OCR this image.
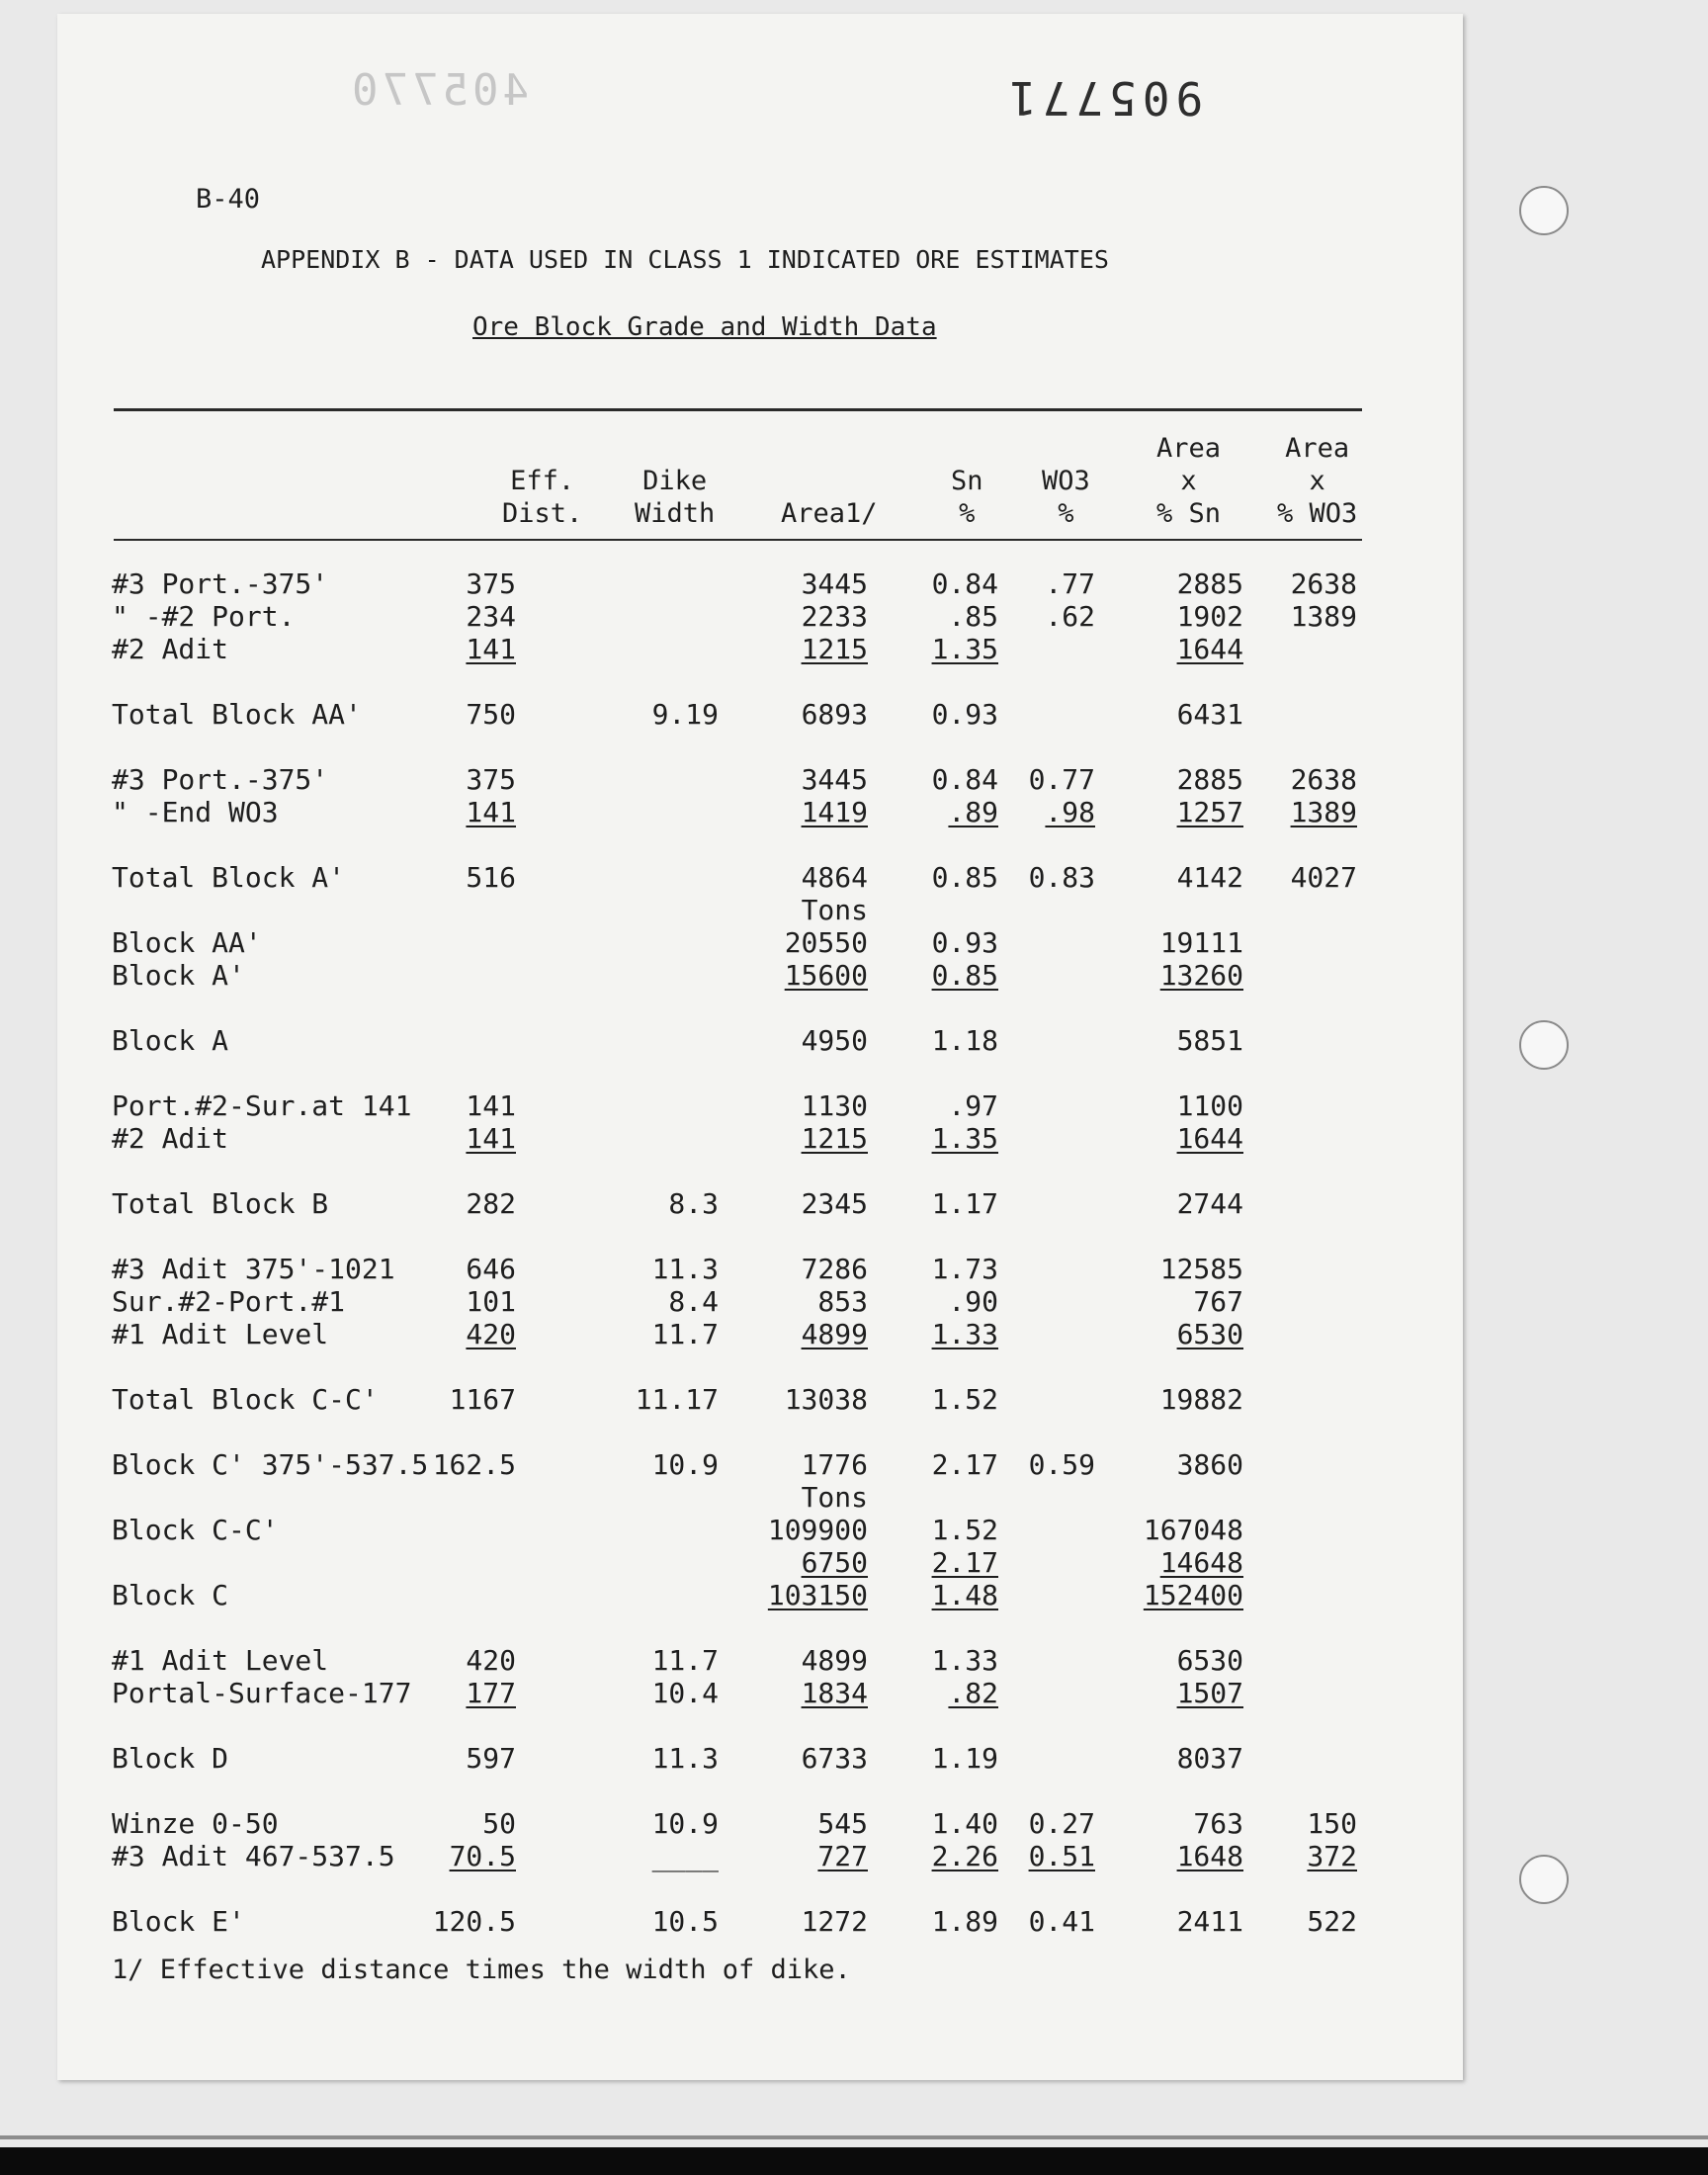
405770	905771
B-40
APPENDIX B - DATA USED IN CLASS 1 INDICATED ORE ESTIMATES
Ore Block Grade and Width Data
Eff.
Dist.
Dike
Width Area1/
Sn
%
WO3
%
Area
x
% Sn
Area
x
% WO3
#3 Port.-375'	375	3445 0.84 .77	2885 2638
" -#2 Port.	234	2233	.85 .62	1902 1389
#2 Adit	141	1215 1.35	1644
Total Block AA'	750	9.19	6893 0.93	6431
#3 Port.-375'	375	3445 0.84 0.77	2885 2638
" -End WO3	141	1419	.89 .98	1257 1389
Total Block A'	516	4864 0.85 0.83	4142 4027
Tons
Block AA'	20550 0.93	19111
Block A'	15600 0.85	13260
Block A	4950 1.18	5851
Port.#2-Sur.at 141 141	1130	.97	1100
#2 Adit	141	1215 1.35	1644
Total Block B	282	8.3	2345 1.17	2744
#3 Adit 375'-1021	646	11.3	7286 1.73	12585
Sur.#2-Port.#1	101	8.4	853	.90	767
#1 Adit Level	420	11.7	4899 1.33	6530
Total Block C-C'	1167	11.17 13038 1.52	19882
Block C' 375'-537.5 162.5	10.9	1776 2.17 0.59	3860
Tons
Block C-C'	109900 1.52	167048
6750 2.17	14648
Block C	103150 1.48	152400
#1 Adit Level	420	11.7	4899 1.33	6530
Portal-Surface-177 177	10.4	1834	.82	1507
Block D	597	11.3	6733 1.19	8037
Winze 0-50	50	10.9	545 1.40 0.27	763 150
#3 Adit 467-537.5 70.5	____	727 2.26 0.51	1648 372
Block E'	120.5	10.5	1272 1.89 0.41	2411 522
1/ Effective distance times the width of dike.
